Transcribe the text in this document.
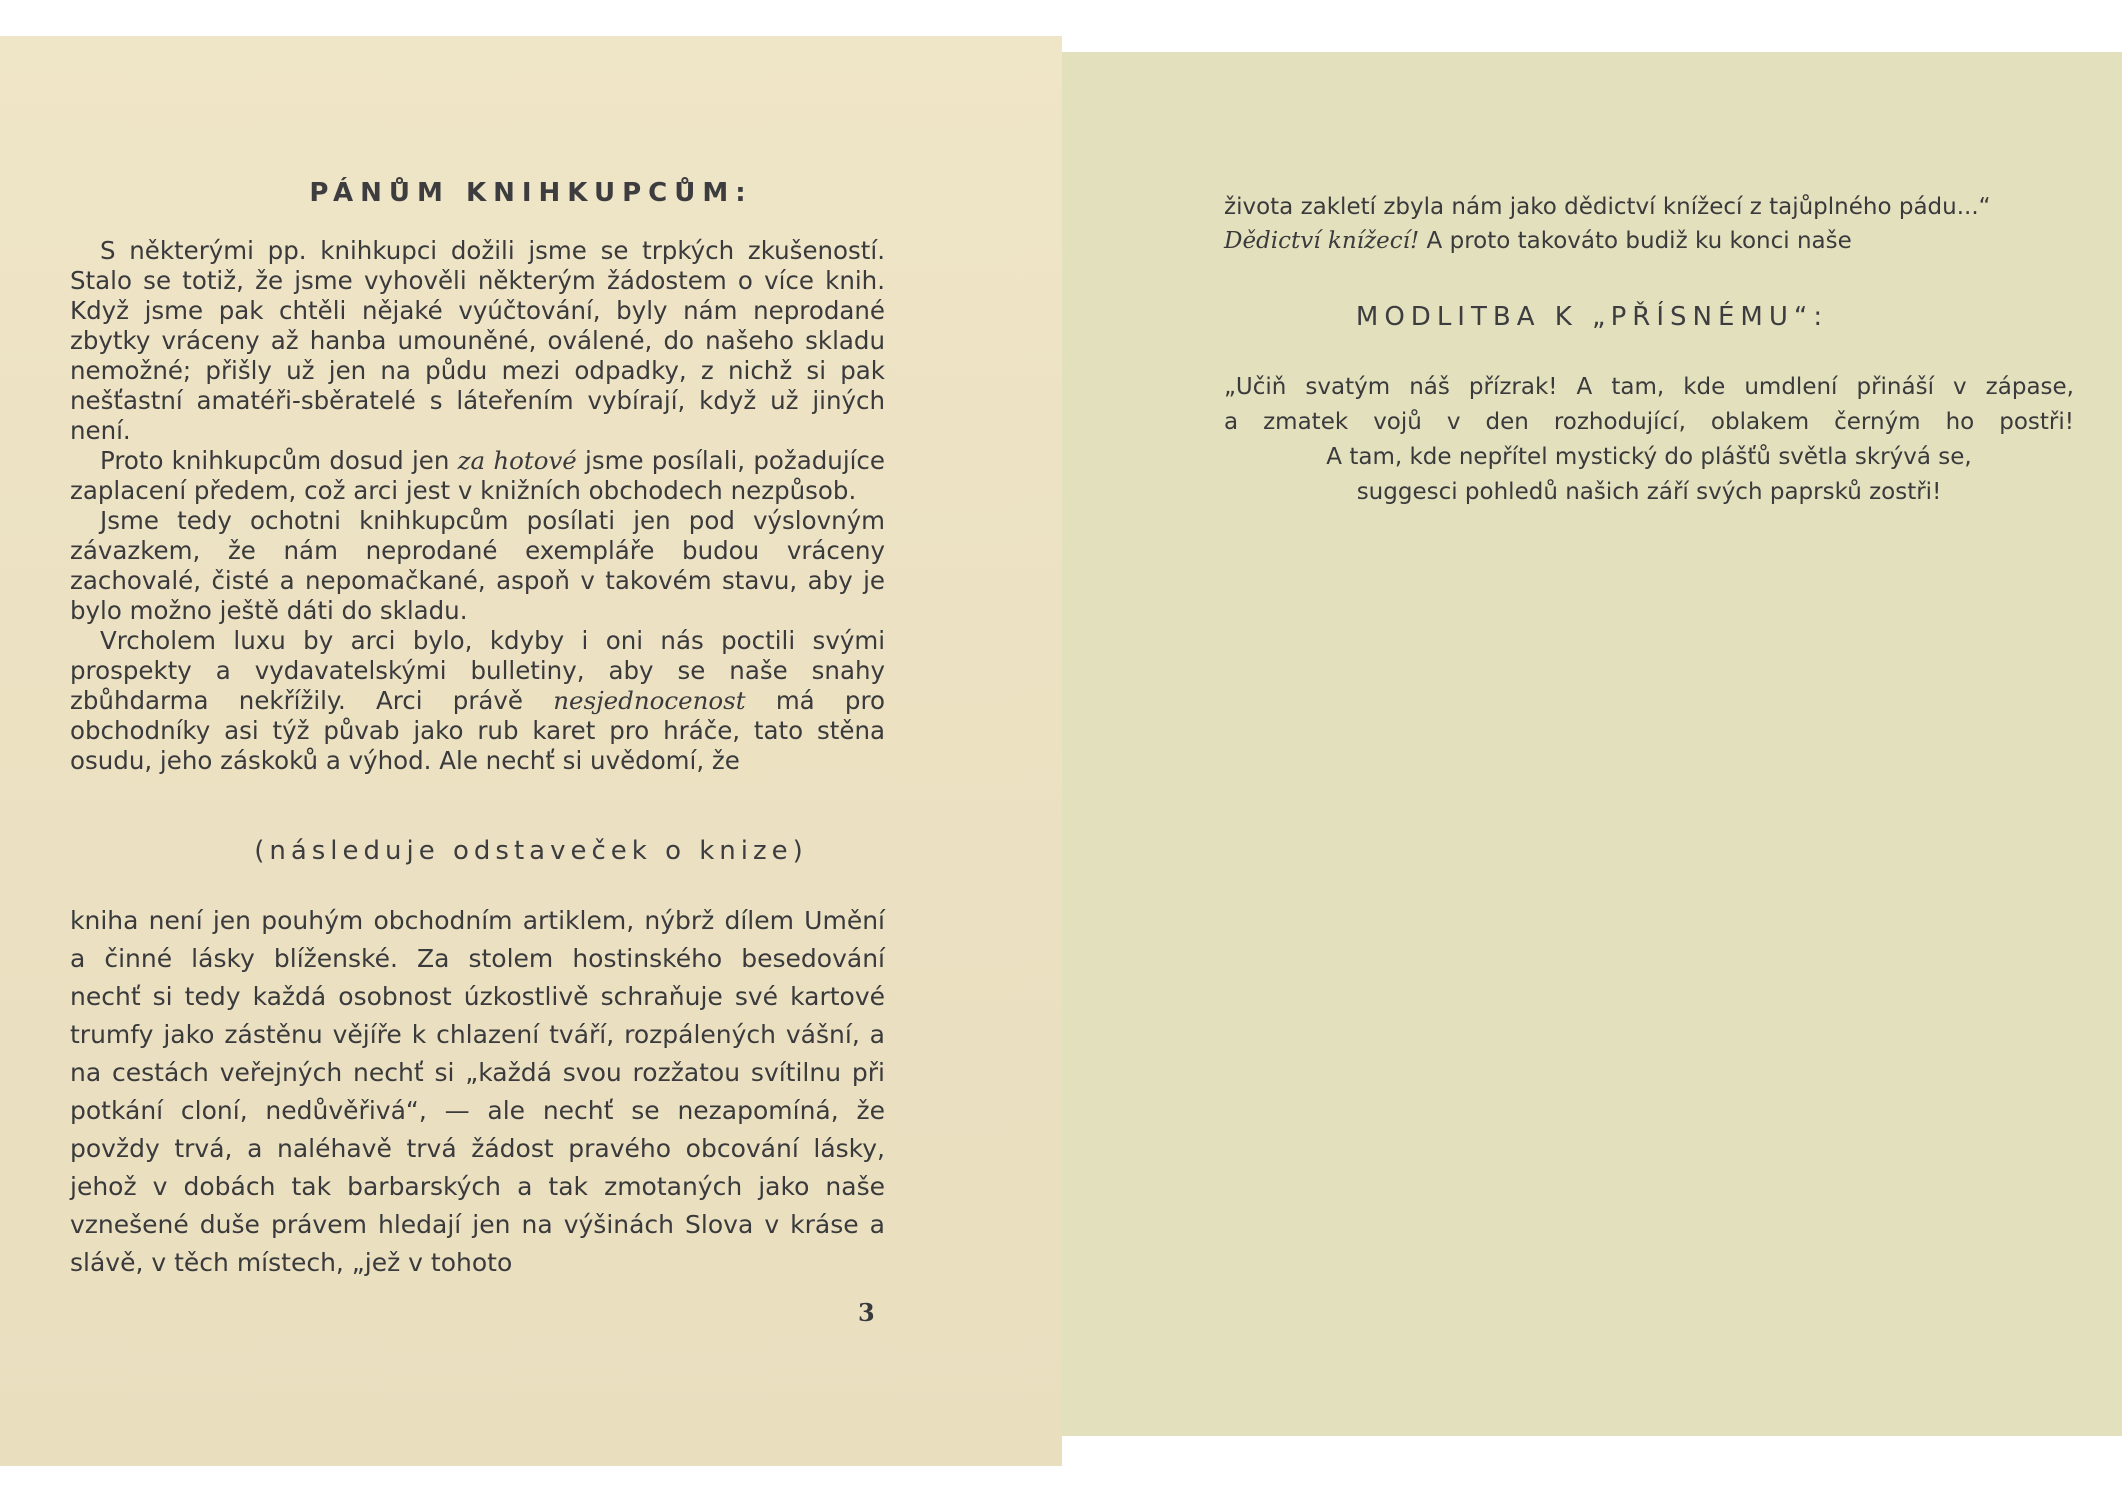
PÁNŮM KNIHKUPCŮM:

S některými pp. knihkupci dožili jsme se trpkých zkušeností. Stalo se totiž, že jsme vyhověli některým žádostem o více knih. Když jsme pak chtěli nějaké vyúčtování, byly nám neprodané zbytky vráceny až hanba umouněné, oválené, do našeho skladu nemožné; přišly už jen na půdu mezi odpadky, z nichž si pak nešťastní amatéři-sběratelé s láteřením vybírají, když už jiných není.

Proto knihkupcům dosud jen za hotové jsme posílali, požadujíce zaplacení předem, což arci jest v knižních obchodech nezpůsob.

Jsme tedy ochotni knihkupcům posílati jen pod výslovným závazkem, že nám neprodané exempláře budou vráceny zachovalé, čisté a nepomačkané, aspoň v takovém stavu, aby je bylo možno ještě dáti do skladu.

Vrcholem luxu by arci bylo, kdyby i oni nás poctili svými prospekty a vydavatelskými bulletiny, aby se naše snahy zbůhdarma nekřížily. Arci právě nesjednocenost má pro obchodníky asi týž půvab jako rub karet pro hráče, tato stěna osudu, jeho záskoků a výhod. Ale nechť si uvědomí, že

(následuje odstaveček o knize)

kniha není jen pouhým obchodním artiklem, nýbrž dílem Umění a činné lásky blíženské. Za stolem hostinského besedování nechť si tedy každá osobnost úzkostlivě schraňuje své kartové trumfy jako zástěnu vějíře k chlazení tváří, rozpálených vášní, a na cestách veřejných nechť si „každá svou rozžatou svítilnu při potkání cloní, nedůvěřivá“, — ale nechť se nezapomíná, že povždy trvá, a naléhavě trvá žádost pravého obcování lásky, jehož v dobách tak barbarských a tak zmotaných jako naše vznešené duše právem hledají jen na výšinách Slova v kráse a slávě, v těch místech, „jež v tohoto

3

života zakletí zbyla nám jako dědictví knížecí z tajůplného pádu...“

Dědictví knížecí! A proto takováto budiž ku konci naše

MODLITBA K „PŘÍSNÉMU“:
„Učiň svatým náš přízrak! A tam, kde umdlení přináší v zápase,
a zmatek vojů v den rozhodující, oblakem černým ho postři!
A tam, kde nepřítel mystický do plášťů světla skrývá se,
suggesci pohledů našich září svých paprsků zostři!
